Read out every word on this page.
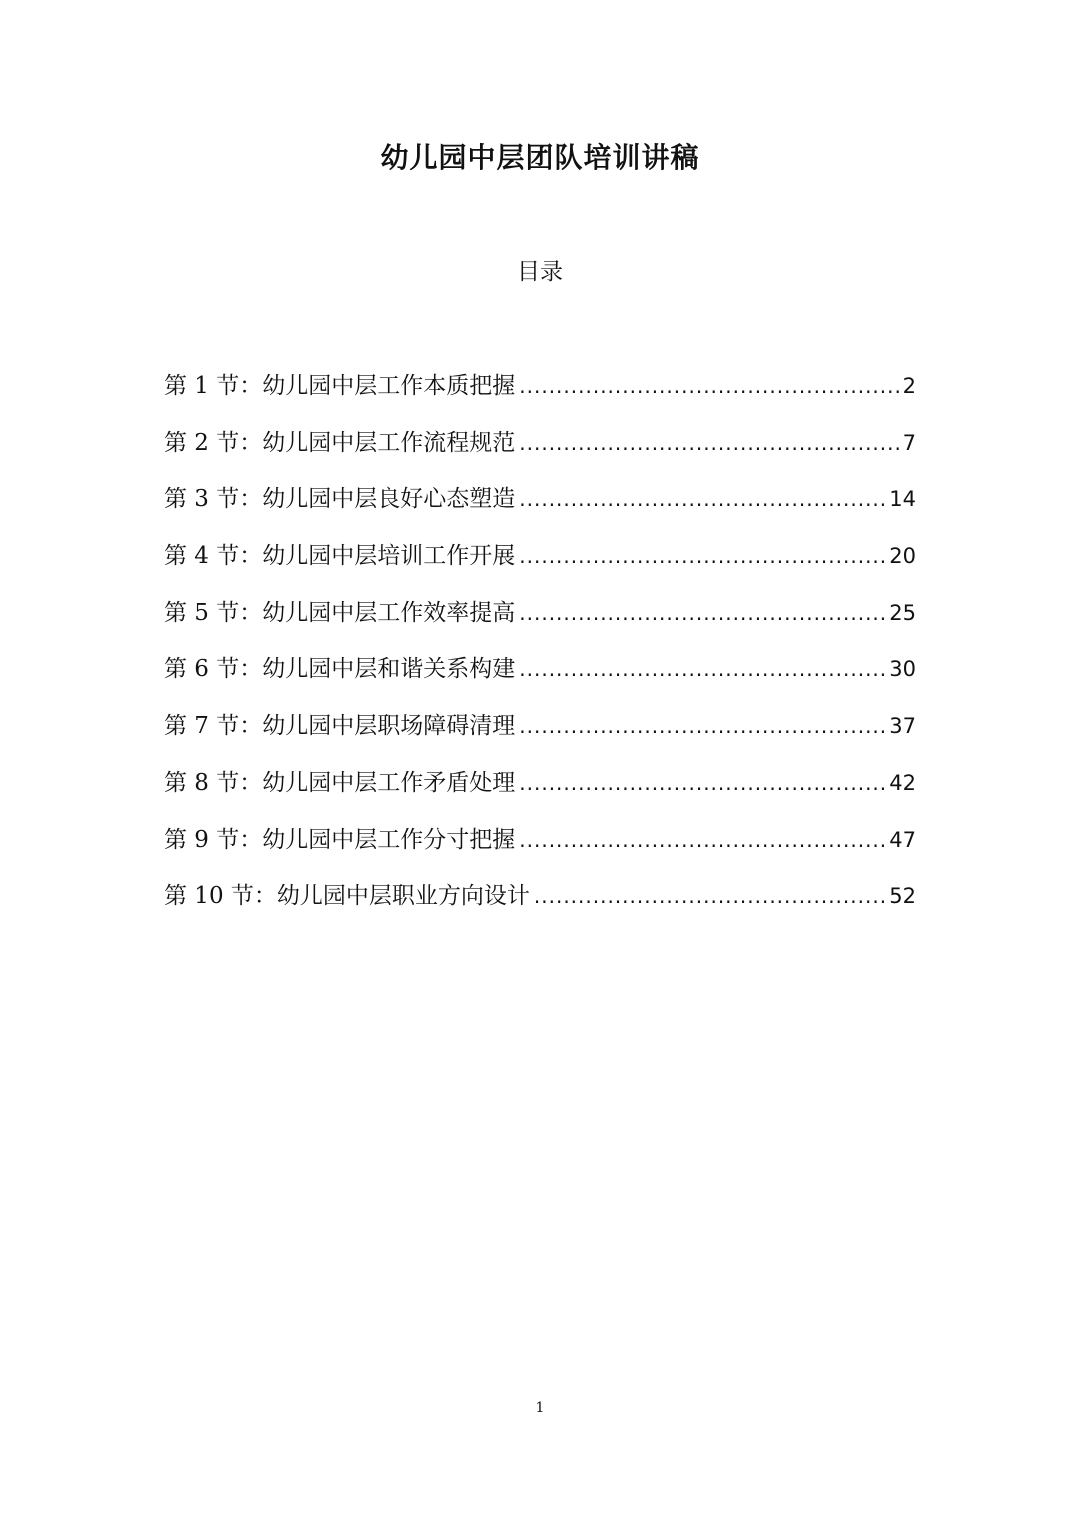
幼儿园中层团队培训讲稿
目录
第 1 节：幼儿园中层工作本质把握 .....	2
第 2 节：幼儿园中层工作流程规范 .....	7
第 3 节：幼儿园中层良好心态塑造 .....	14
第 4 节：幼儿园中层培训工作开展 .....	20
第 5 节：幼儿园中层工作效率提高 .....	25
第 6 节：幼儿园中层和谐关系构建 .....	30
第 7 节：幼儿园中层职场障碍清理 .....	37
第 8 节：幼儿园中层工作矛盾处理 .....	42
第 9 节：幼儿园中层工作分寸把握 .....	47
第 10 节：幼儿园中层职业方向设计 .....	52
1
